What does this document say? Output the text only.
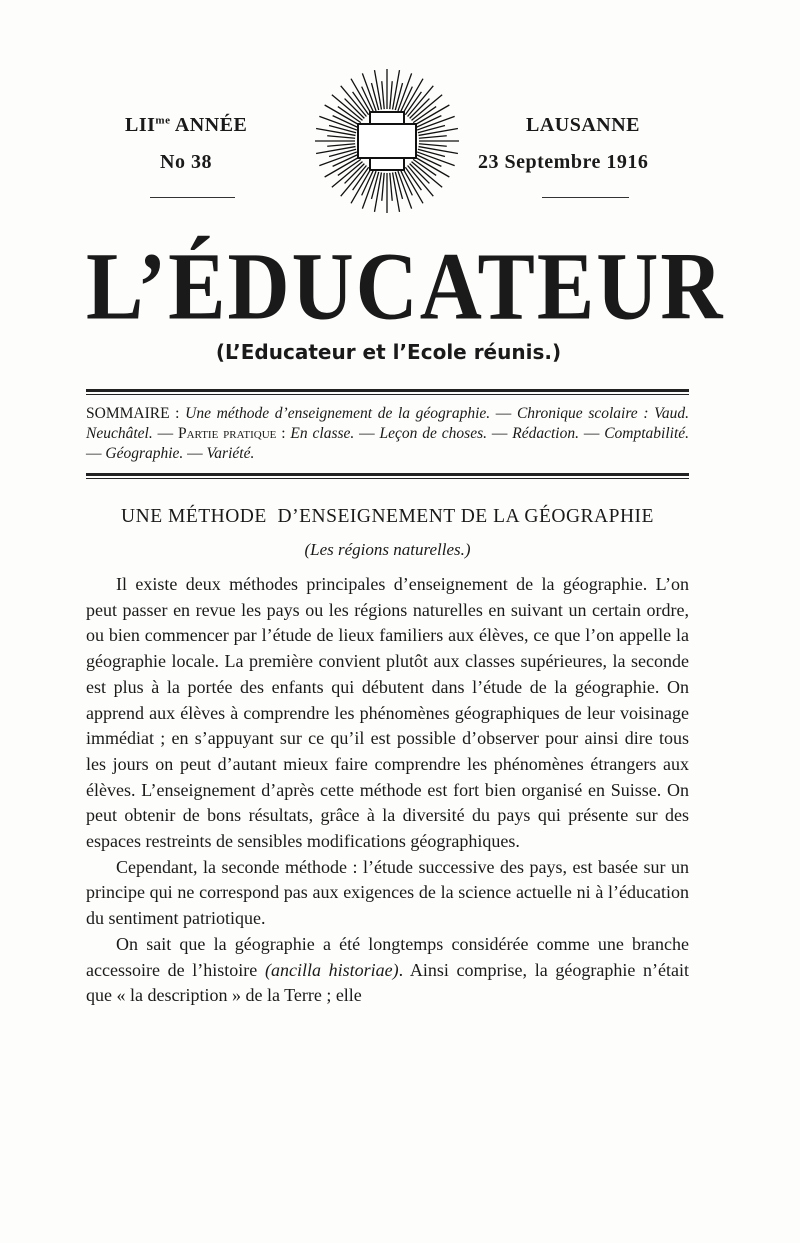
$LII^{me}$ ANNÉE
No 38
LAUSANNE
23 Septembre 1916
L’ÉDUCATEUR
(L’Educateur et l’Ecole réunis.)
SOMMAIRE : Une méthode d’enseignement de la géographie. — Chronique scolaire : Vaud. Neuchâtel. — Partie pratique : En classe. — Leçon de choses. — Rédaction. — Comptabilité. — Géographie. — Variété.
UNE MÉTHODE  D’ENSEIGNEMENT DE LA GÉOGRAPHIE
(Les régions naturelles.)

Il existe deux méthodes principales d’enseignement de la géographie. L’on peut passer en revue les pays ou les régions naturelles en suivant un certain ordre, ou bien commencer par l’étude de lieux familiers aux élèves, ce que l’on appelle la géographie locale. La première convient plutôt aux classes supérieures, la seconde est plus à la portée des enfants qui débutent dans l’étude de la géographie. On apprend aux élèves à comprendre les phénomènes géographiques de leur voisinage immédiat ; en s’appuyant sur ce qu’il est possible d’observer pour ainsi dire tous les jours on peut d’autant mieux faire comprendre les phénomènes étrangers aux élèves. L’enseignement d’après cette méthode est fort bien organisé en Suisse. On peut obtenir de bons résultats, grâce à la diversité du pays qui présente sur des espaces restreints de sensibles modifications géographiques.

Cependant, la seconde méthode : l’étude successive des pays, est basée sur un principe qui ne correspond pas aux exigences de la science actuelle ni à l’éducation du sentiment patriotique.

On sait que la géographie a été longtemps considérée comme une branche accessoire de l’histoire (ancilla historiae). Ainsi comprise, la géographie n’était que « la description » de la Terre ; elle
